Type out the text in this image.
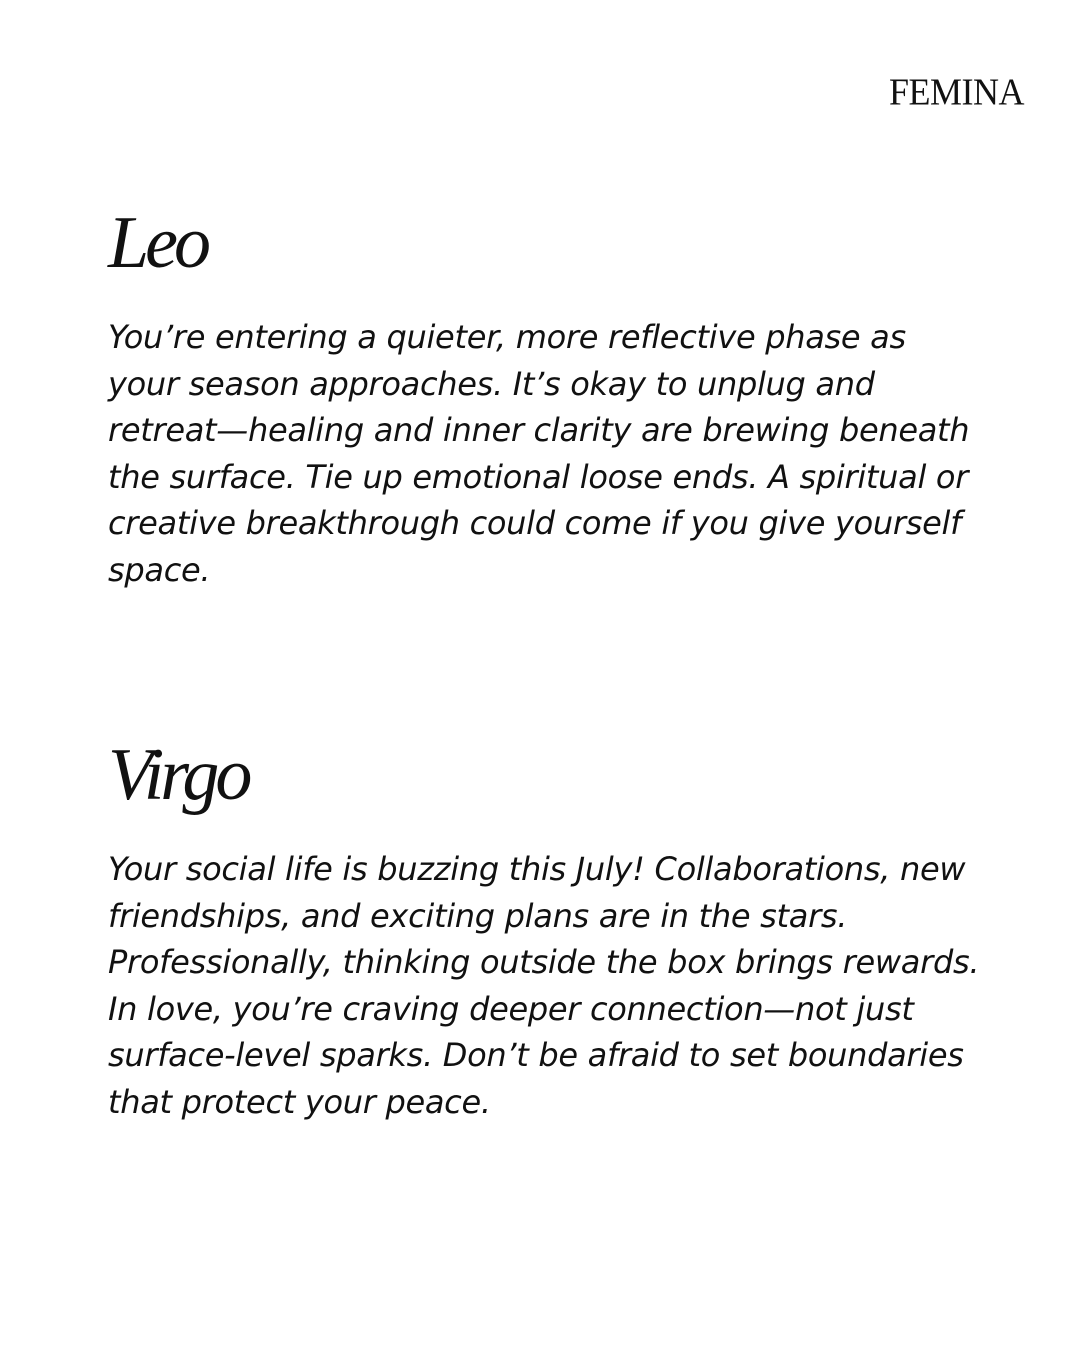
FEMINA
Leo

You’re entering a quieter, more reflective phase as your season approaches. It’s okay to unplug and retreat—healing and inner clarity are brewing beneath the surface. Tie up emotional loose ends. A spiritual or creative breakthrough could come if you give yourself space.

Virgo

Your social life is buzzing this July! Collaborations, new friendships, and exciting plans are in the stars. Professionally, thinking outside the box brings rewards. In love, you’re craving deeper connection—not just surface-level sparks. Don’t be afraid to set boundaries that protect your peace.
